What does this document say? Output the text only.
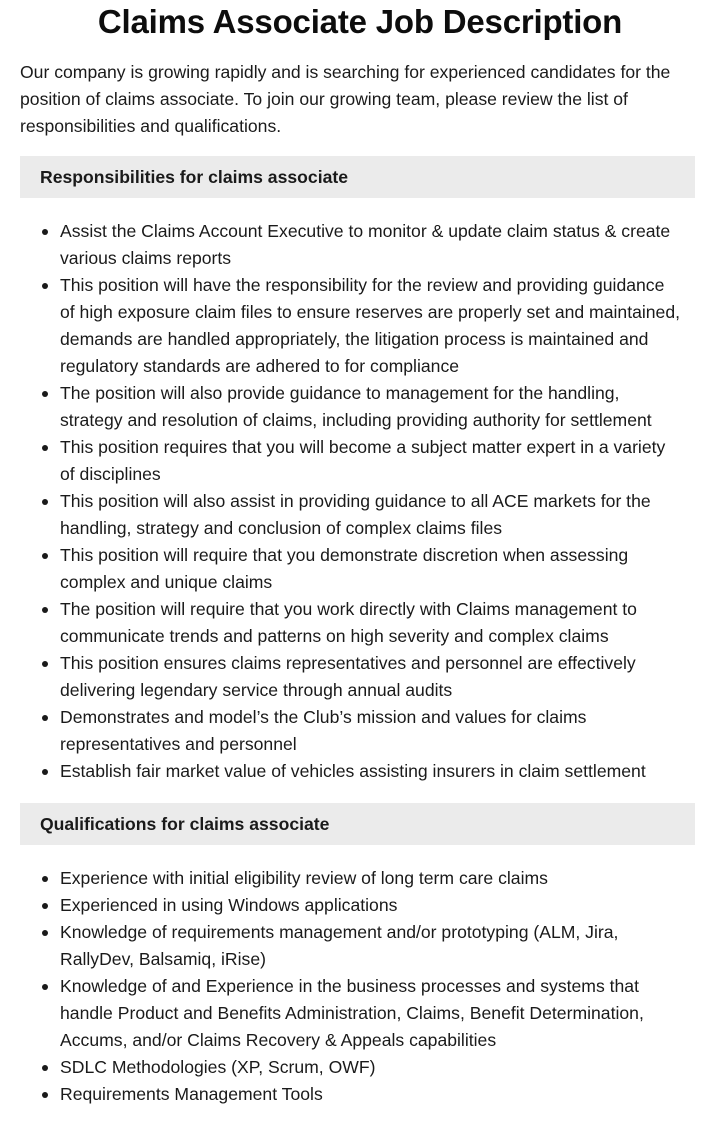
Claims Associate Job Description

Our company is growing rapidly and is searching for experienced candidates for the position of claims associate. To join our growing team, please review the list of responsibilities and qualifications.

Responsibilities for claims associate
Assist the Claims Account Executive to monitor & update claim status & create various claims reports
This position will have the responsibility for the review and providing guidance of high exposure claim files to ensure reserves are properly set and maintained, demands are handled appropriately, the litigation process is maintained and regulatory standards are adhered to for compliance
The position will also provide guidance to management for the handling, strategy and resolution of claims, including providing authority for settlement
This position requires that you will become a subject matter expert in a variety of disciplines
This position will also assist in providing guidance to all ACE markets for the handling, strategy and conclusion of complex claims files
This position will require that you demonstrate discretion when assessing complex and unique claims
The position will require that you work directly with Claims management to communicate trends and patterns on high severity and complex claims
This position ensures claims representatives and personnel are effectively delivering legendary service through annual audits
Demonstrates and model’s the Club’s mission and values for claims representatives and personnel
Establish fair market value of vehicles assisting insurers in claim settlement
Qualifications for claims associate
Experience with initial eligibility review of long term care claims
Experienced in using Windows applications
Knowledge of requirements management and/or prototyping (ALM, Jira, RallyDev, Balsamiq, iRise)
Knowledge of and Experience in the business processes and systems that handle Product and Benefits Administration, Claims, Benefit Determination, Accums, and/or Claims Recovery & Appeals capabilities
SDLC Methodologies (XP, Scrum, OWF)
Requirements Management Tools
